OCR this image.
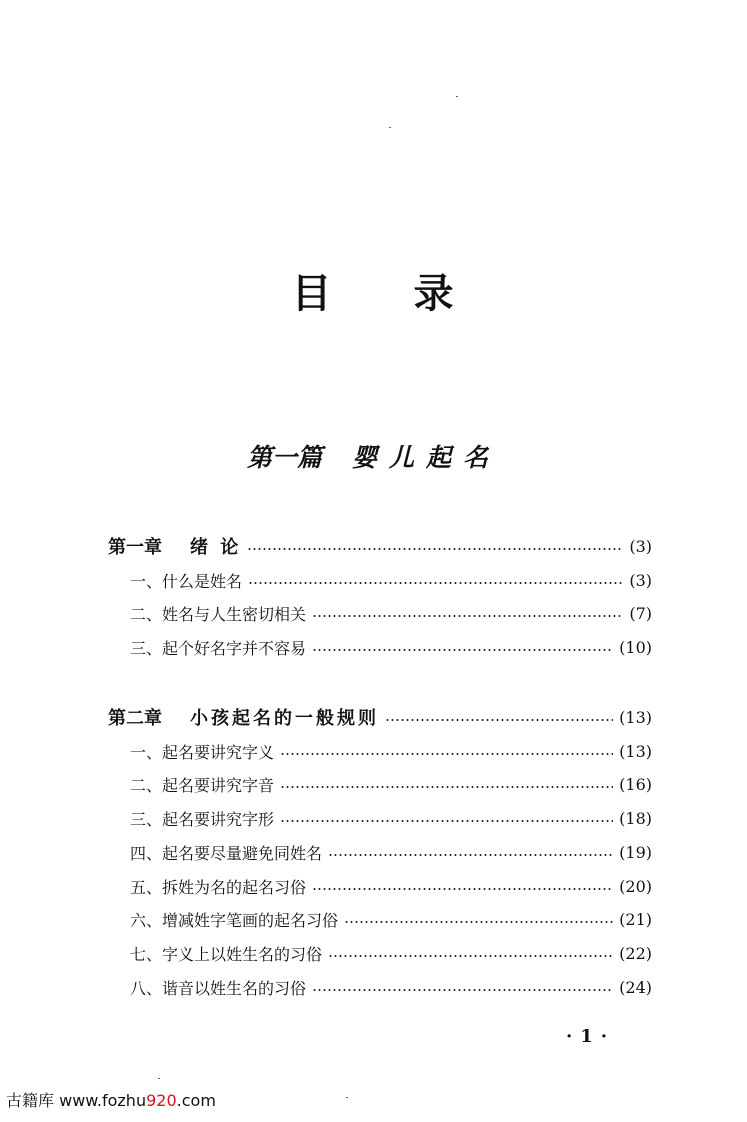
目 录
第一篇 婴儿起名
第一章 绪 论	(3)
一、什么是姓名	(3)
二、姓名与人生密切相关	(7)
三、起个好名字并不容易	(10)
第二章 小孩起名的一般规则	(13)
一、起名要讲究字义	(13)
二、起名要讲究字音	(16)
三、起名要讲究字形	(18)
四、起名要尽量避免同姓名	(19)
五、拆姓为名的起名习俗	(20)
六、增减姓字笔画的起名习俗	(21)
七、字义上以姓生名的习俗	(22)
八、谐音以姓生名的习俗	(24)
·1·
古籍库 www.fozhu920.com
